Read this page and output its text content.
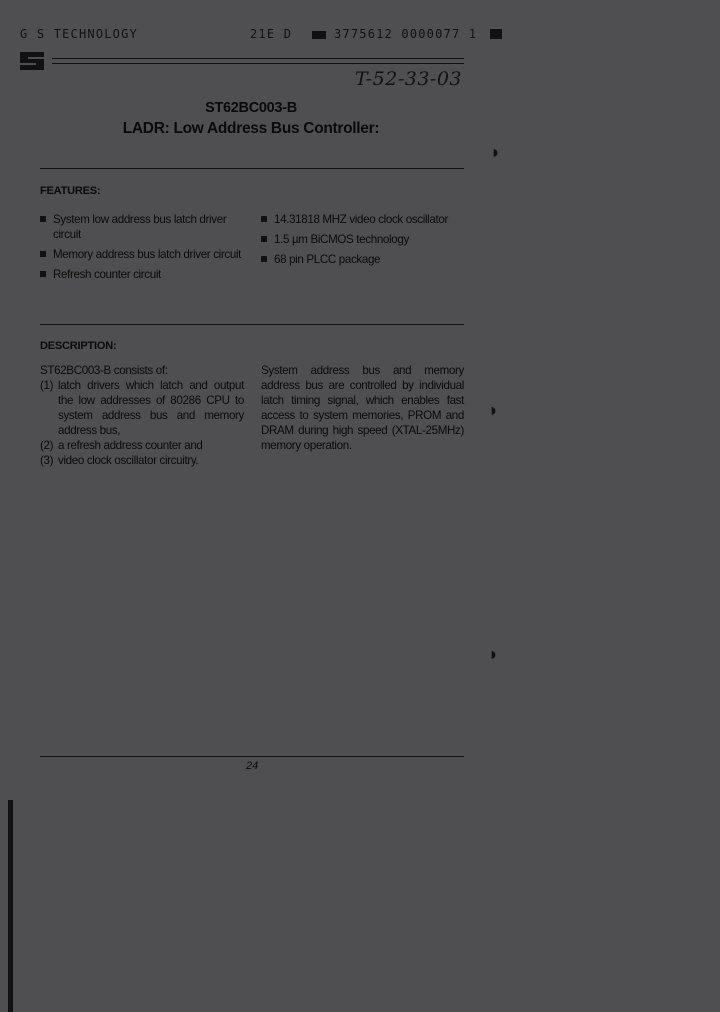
G S TECHNOLOGY	21E D	3775612 0000077 1
T-52-33-03
ST62BC003-B
LADR: Low Address Bus Controller:
FEATURES:
System low address bus latch driver circuit
Memory address bus latch driver circuit
Refresh counter circuit
14.31818 MHZ video clock oscillator
1.5 µm BiCMOS technology
68 pin PLCC package
DESCRIPTION:

ST62BC003-B consists of:

(1) latch drivers which latch and output the low addresses of 80286 CPU to system address bus and memory address bus,
(2) a refresh address counter and
(3) video clock oscillator circuitry.
System address bus and memory address bus are controlled by individual latch timing signal, which enables fast access to system memories, PROM and DRAM during high speed (XTAL-25MHz) memory operation.
24
◗
◗
◗
